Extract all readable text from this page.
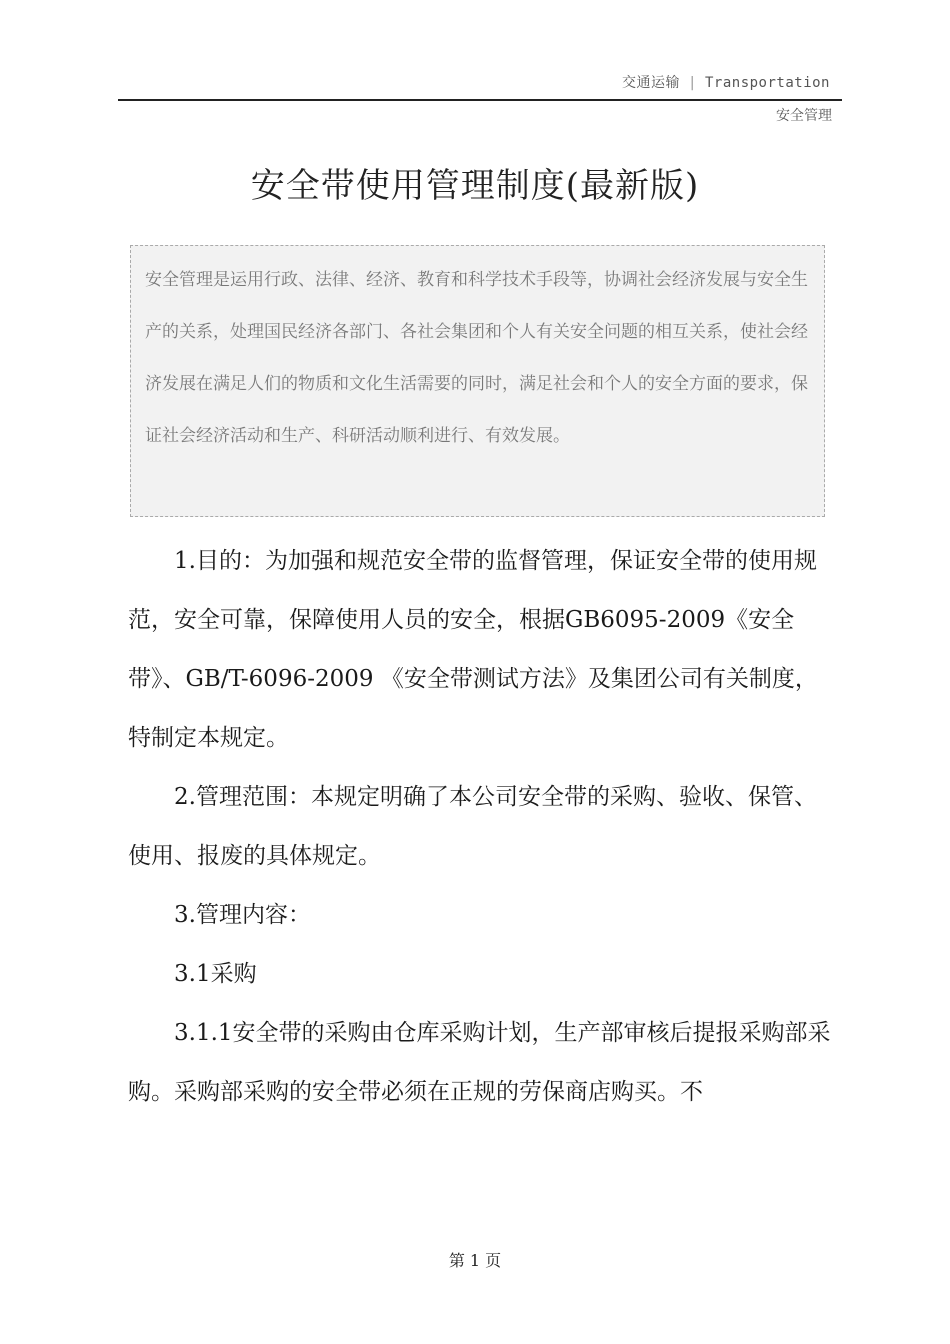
交通运输 | Transportation
安全管理
安全带使用管理制度(最新版)

安全管理是运用行政、法律、经济、教育和科学技术手段等，协调社会经济发展与安全生产的关系，处理国民经济各部门、各社会集团和个人有关安全问题的相互关系，使社会经济发展在满足人们的物质和文化生活需要的同时，满足社会和个人的安全方面的要求，保证社会经济活动和生产、科研活动顺利进行、有效发展。

1.目的：为加强和规范安全带的监督管理，保证安全带的使用规范，安全可靠，保障使用人员的安全，根据GB6095-2009《安全带》、GB/T-6096-2009 《安全带测试方法》及集团公司有关制度，特制定本规定。

2.管理范围：本规定明确了本公司安全带的采购、验收、保管、使用、报废的具体规定。

3.管理内容：

3.1采购

3.1.1安全带的采购由仓库采购计划，生产部审核后提报采购部采购。采购部采购的安全带必须在正规的劳保商店购买。不

第 1 页
